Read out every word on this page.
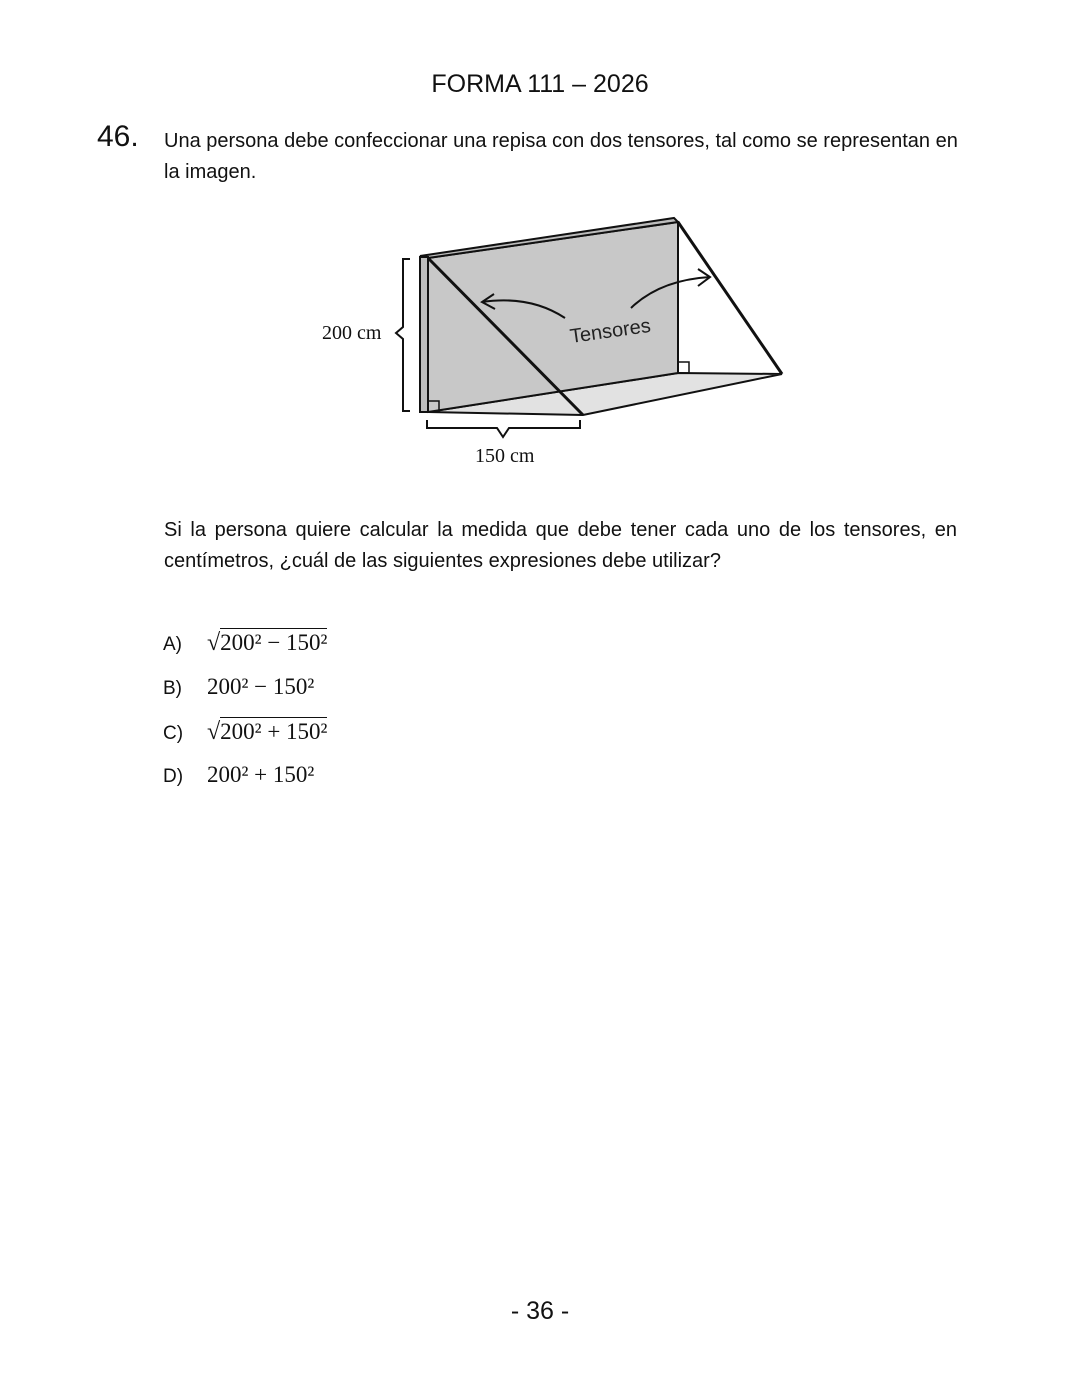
FORMA 111 – 2026
46. Una persona debe confeccionar una repisa con dos tensores, tal como se representan en la imagen.
200 cm
150 cm
Tensores
Si la persona quiere calcular la medida que debe tener cada uno de los tensores, en centímetros, ¿cuál de las siguientes expresiones debe utilizar?
A)	√ 200² − 150²
B)	200² − 150²
C) √ 200² + 150²
D)	200² + 150²
- 36 -
